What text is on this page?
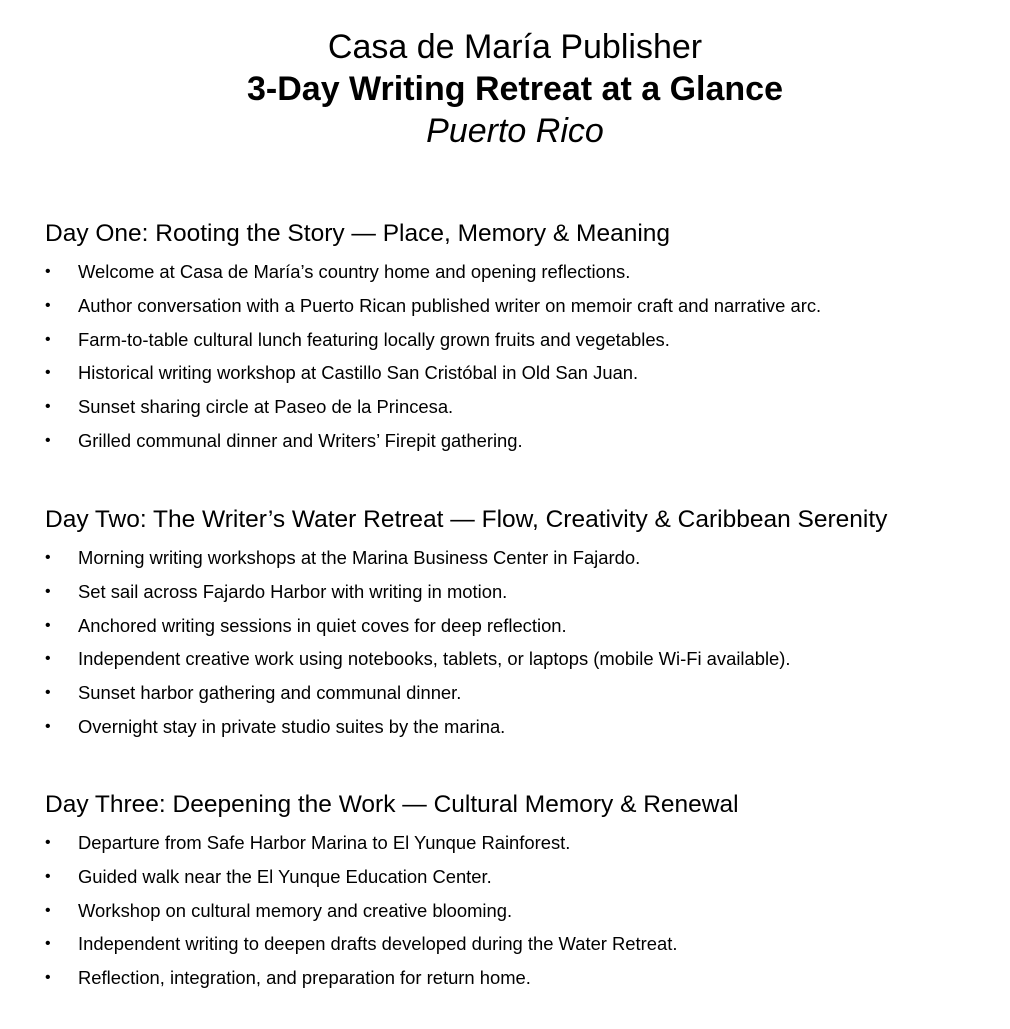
Casa de María Publisher
3-Day Writing Retreat at a Glance
Puerto Rico
Day One: Rooting the Story — Place, Memory & Meaning
• Welcome at Casa de María’s country home and opening reflections.
• Author conversation with a Puerto Rican published writer on memoir craft and narrative arc.
• Farm-to-table cultural lunch featuring locally grown fruits and vegetables.
• Historical writing workshop at Castillo San Cristóbal in Old San Juan.
• Sunset sharing circle at Paseo de la Princesa.
• Grilled communal dinner and Writers’ Firepit gathering.
Day Two: The Writer’s Water Retreat — Flow, Creativity & Caribbean Serenity
• Morning writing workshops at the Marina Business Center in Fajardo.
• Set sail across Fajardo Harbor with writing in motion.
• Anchored writing sessions in quiet coves for deep reflection.
• Independent creative work using notebooks, tablets, or laptops (mobile Wi-Fi available).
• Sunset harbor gathering and communal dinner.
• Overnight stay in private studio suites by the marina.
Day Three: Deepening the Work — Cultural Memory & Renewal
• Departure from Safe Harbor Marina to El Yunque Rainforest.
• Guided walk near the El Yunque Education Center.
• Workshop on cultural memory and creative blooming.
• Independent writing to deepen drafts developed during the Water Retreat.
• Reflection, integration, and preparation for return home.
